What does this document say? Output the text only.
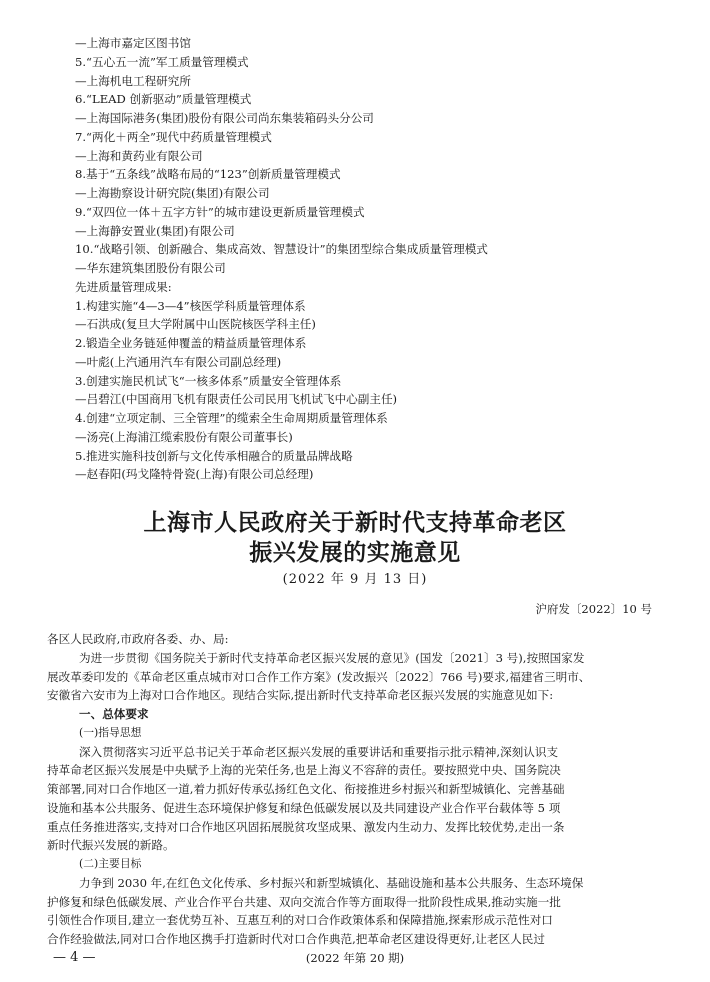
—上海市嘉定区图书馆
5.“五心五一流”军工质量管理模式
—上海机电工程研究所
6.“LEAD 创新驱动”质量管理模式
—上海国际港务(集团)股份有限公司尚东集装箱码头分公司
7.“两化＋两全”现代中药质量管理模式
—上海和黄药业有限公司
8.基于“五条线”战略布局的“123”创新质量管理模式
—上海勘察设计研究院(集团)有限公司
9.“双四位一体＋五字方针”的城市建设更新质量管理模式
—上海静安置业(集团)有限公司
10.“战略引领、创新融合、集成高效、智慧设计”的集团型综合集成质量管理模式
—华东建筑集团股份有限公司
先进质量管理成果:
1.构建实施“4—3—4”核医学科质量管理体系
—石洪成(复旦大学附属中山医院核医学科主任)
2.锻造全业务链延伸覆盖的精益质量管理体系
—叶彪(上汽通用汽车有限公司副总经理)
3.创建实施民机试飞“一核多体系”质量安全管理体系
—吕碧江(中国商用飞机有限责任公司民用飞机试飞中心副主任)
4.创建“立项定制、三全管理”的缆索全生命周期质量管理体系
—汤亮(上海浦江缆索股份有限公司董事长)
5.推进实施科技创新与文化传承相融合的质量品牌战略
—赵春阳(玛戈隆特骨瓷(上海)有限公司总经理)
上海市人民政府关于新时代支持革命老区
振兴发展的实施意见
(2022 年 9 月 13 日)
沪府发〔2022〕10 号
各区人民政府,市政府各委、办、局:
为进一步贯彻《国务院关于新时代支持革命老区振兴发展的意见》(国发〔2021〕3 号),按照国家发
展改革委印发的《革命老区重点城市对口合作工作方案》(发改振兴〔2022〕766 号)要求,福建省三明市、
安徽省六安市为上海对口合作地区。现结合实际,提出新时代支持革命老区振兴发展的实施意见如下:
一、总体要求
(一)指导思想
深入贯彻落实习近平总书记关于革命老区振兴发展的重要讲话和重要指示批示精神,深刻认识支
持革命老区振兴发展是中央赋予上海的光荣任务,也是上海义不容辞的责任。要按照党中央、国务院决
策部署,同对口合作地区一道,着力抓好传承弘扬红色文化、衔接推进乡村振兴和新型城镇化、完善基础
设施和基本公共服务、促进生态环境保护修复和绿色低碳发展以及共同建设产业合作平台载体等 5 项
重点任务推进落实,支持对口合作地区巩固拓展脱贫攻坚成果、激发内生动力、发挥比较优势,走出一条
新时代振兴发展的新路。
(二)主要目标
力争到 2030 年,在红色文化传承、乡村振兴和新型城镇化、基础设施和基本公共服务、生态环境保
护修复和绿色低碳发展、产业合作平台共建、双向交流合作等方面取得一批阶段性成果,推动实施一批
引领性合作项目,建立一套优势互补、互惠互利的对口合作政策体系和保障措施,探索形成示范性对口
合作经验做法,同对口合作地区携手打造新时代对口合作典范,把革命老区建设得更好,让老区人民过
— 4 —	(2022 年第 20 期)
